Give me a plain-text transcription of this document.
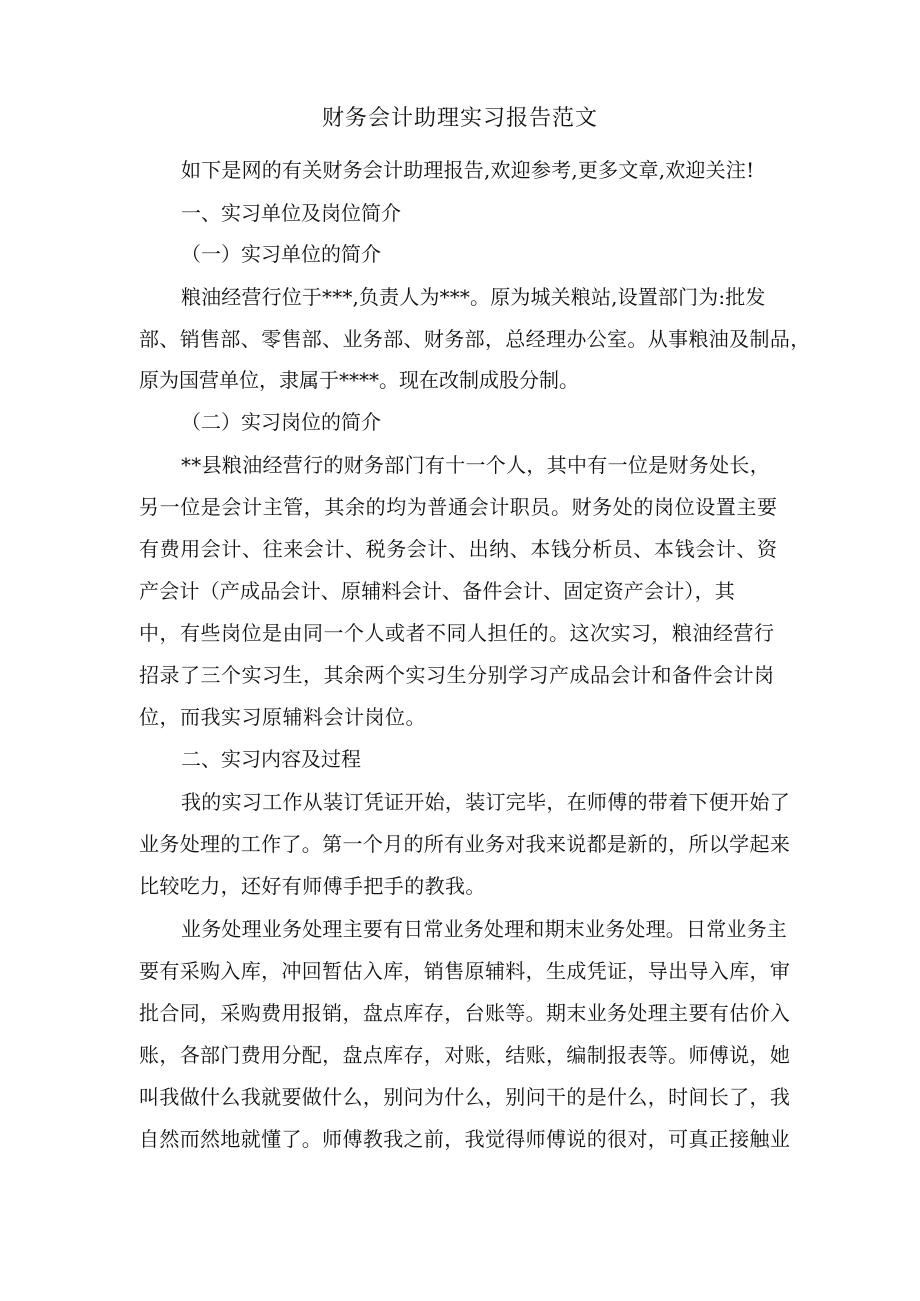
财务会计助理实习报告范文
如下是网的有关财务会计助理报告,欢迎参考,更多文章,欢迎关注!
一、实习单位及岗位简介
（一）实习单位的简介
粮油经营行位于***,负责人为***。原为城关粮站,设置部门为:批发
部、销售部、零售部、业务部、财务部，总经理办公室。从事粮油及制品，
原为国营单位，隶属于****。现在改制成股分制。
（二）实习岗位的简介
**县粮油经营行的财务部门有十一个人，其中有一位是财务处长，
另一位是会计主管，其余的均为普通会计职员。财务处的岗位设置主要
有费用会计、往来会计、税务会计、出纳、本钱分析员、本钱会计、资
产会计（产成品会计、原辅料会计、备件会计、固定资产会计），其
中，有些岗位是由同一个人或者不同人担任的。这次实习，粮油经营行
招录了三个实习生，其余两个实习生分别学习产成品会计和备件会计岗
位，而我实习原辅料会计岗位。
二、实习内容及过程
我的实习工作从装订凭证开始，装订完毕，在师傅的带着下便开始了
业务处理的工作了。第一个月的所有业务对我来说都是新的，所以学起来
比较吃力，还好有师傅手把手的教我。
业务处理业务处理主要有日常业务处理和期末业务处理。日常业务主
要有采购入库，冲回暂估入库，销售原辅料，生成凭证，导出导入库，审
批合同，采购费用报销，盘点库存，台账等。期末业务处理主要有估价入
账，各部门费用分配，盘点库存，对账，结账，编制报表等。师傅说，她
叫我做什么我就要做什么，别问为什么，别问干的是什么，时间长了，我
自然而然地就懂了。师傅教我之前，我觉得师傅说的很对，可真正接触业
